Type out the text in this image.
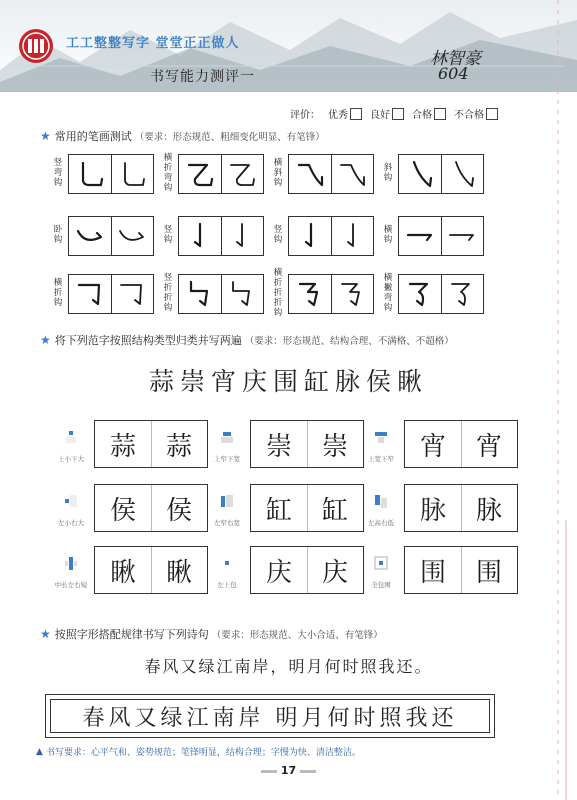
工工整整写字 堂堂正正做人
书写能力测评一
林智豪
604
评价： 优秀 良好 合格 不合格
★ 常用的笔画测试 （要求：形态规范、粗细变化明显、有笔锋）
竖
弯
钩
横
折
弯
钩
横
斜
钩
斜
钩
卧
钩
竖
钩
竖
钩
横
钩
横
折
钩
竖
折
折
钩
横
折
折
折
钩
横
撇
弯
钩
★ 将下列范字按照结构类型归类并写两遍 （要求：形态规范、结构合理、不满格、不超格）
蒜崇宵庆围缸脉侯瞅
上小下大 蒜	蒜	上窄下宽 崇	崇	上宽下窄 宵	宵
左小右大 侯	侯	左窄右宽 缸	缸	左高右低 脉	脉
中长左右短 瞅	瞅	左上包	庆	庆	全包围	围	围
★ 按照字形搭配规律书写下列诗句 （要求：形态规范、大小合适、有笔锋）
春风又绿江南岸，明月何时照我还。
春风又绿江南岸 明月何时照我还
▲ 书写要求：心平气和、姿势规范；笔锋明显，结构合理；字慢为快、清洁整洁。
17
